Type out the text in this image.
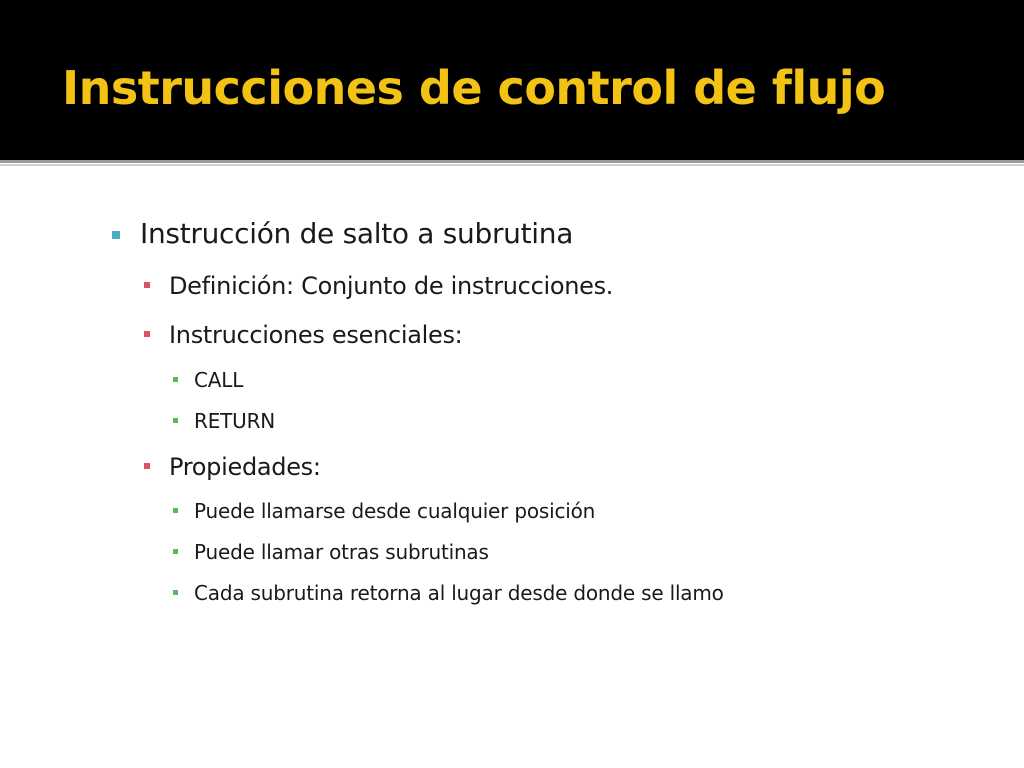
Instrucciones de control de flujo
Instrucción de salto a subrutina
Definición: Conjunto de instrucciones.
Instrucciones esenciales:
CALL
RETURN
Propiedades:
Puede llamarse desde cualquier posición
Puede llamar otras subrutinas
Cada subrutina retorna al lugar desde donde se llamo
